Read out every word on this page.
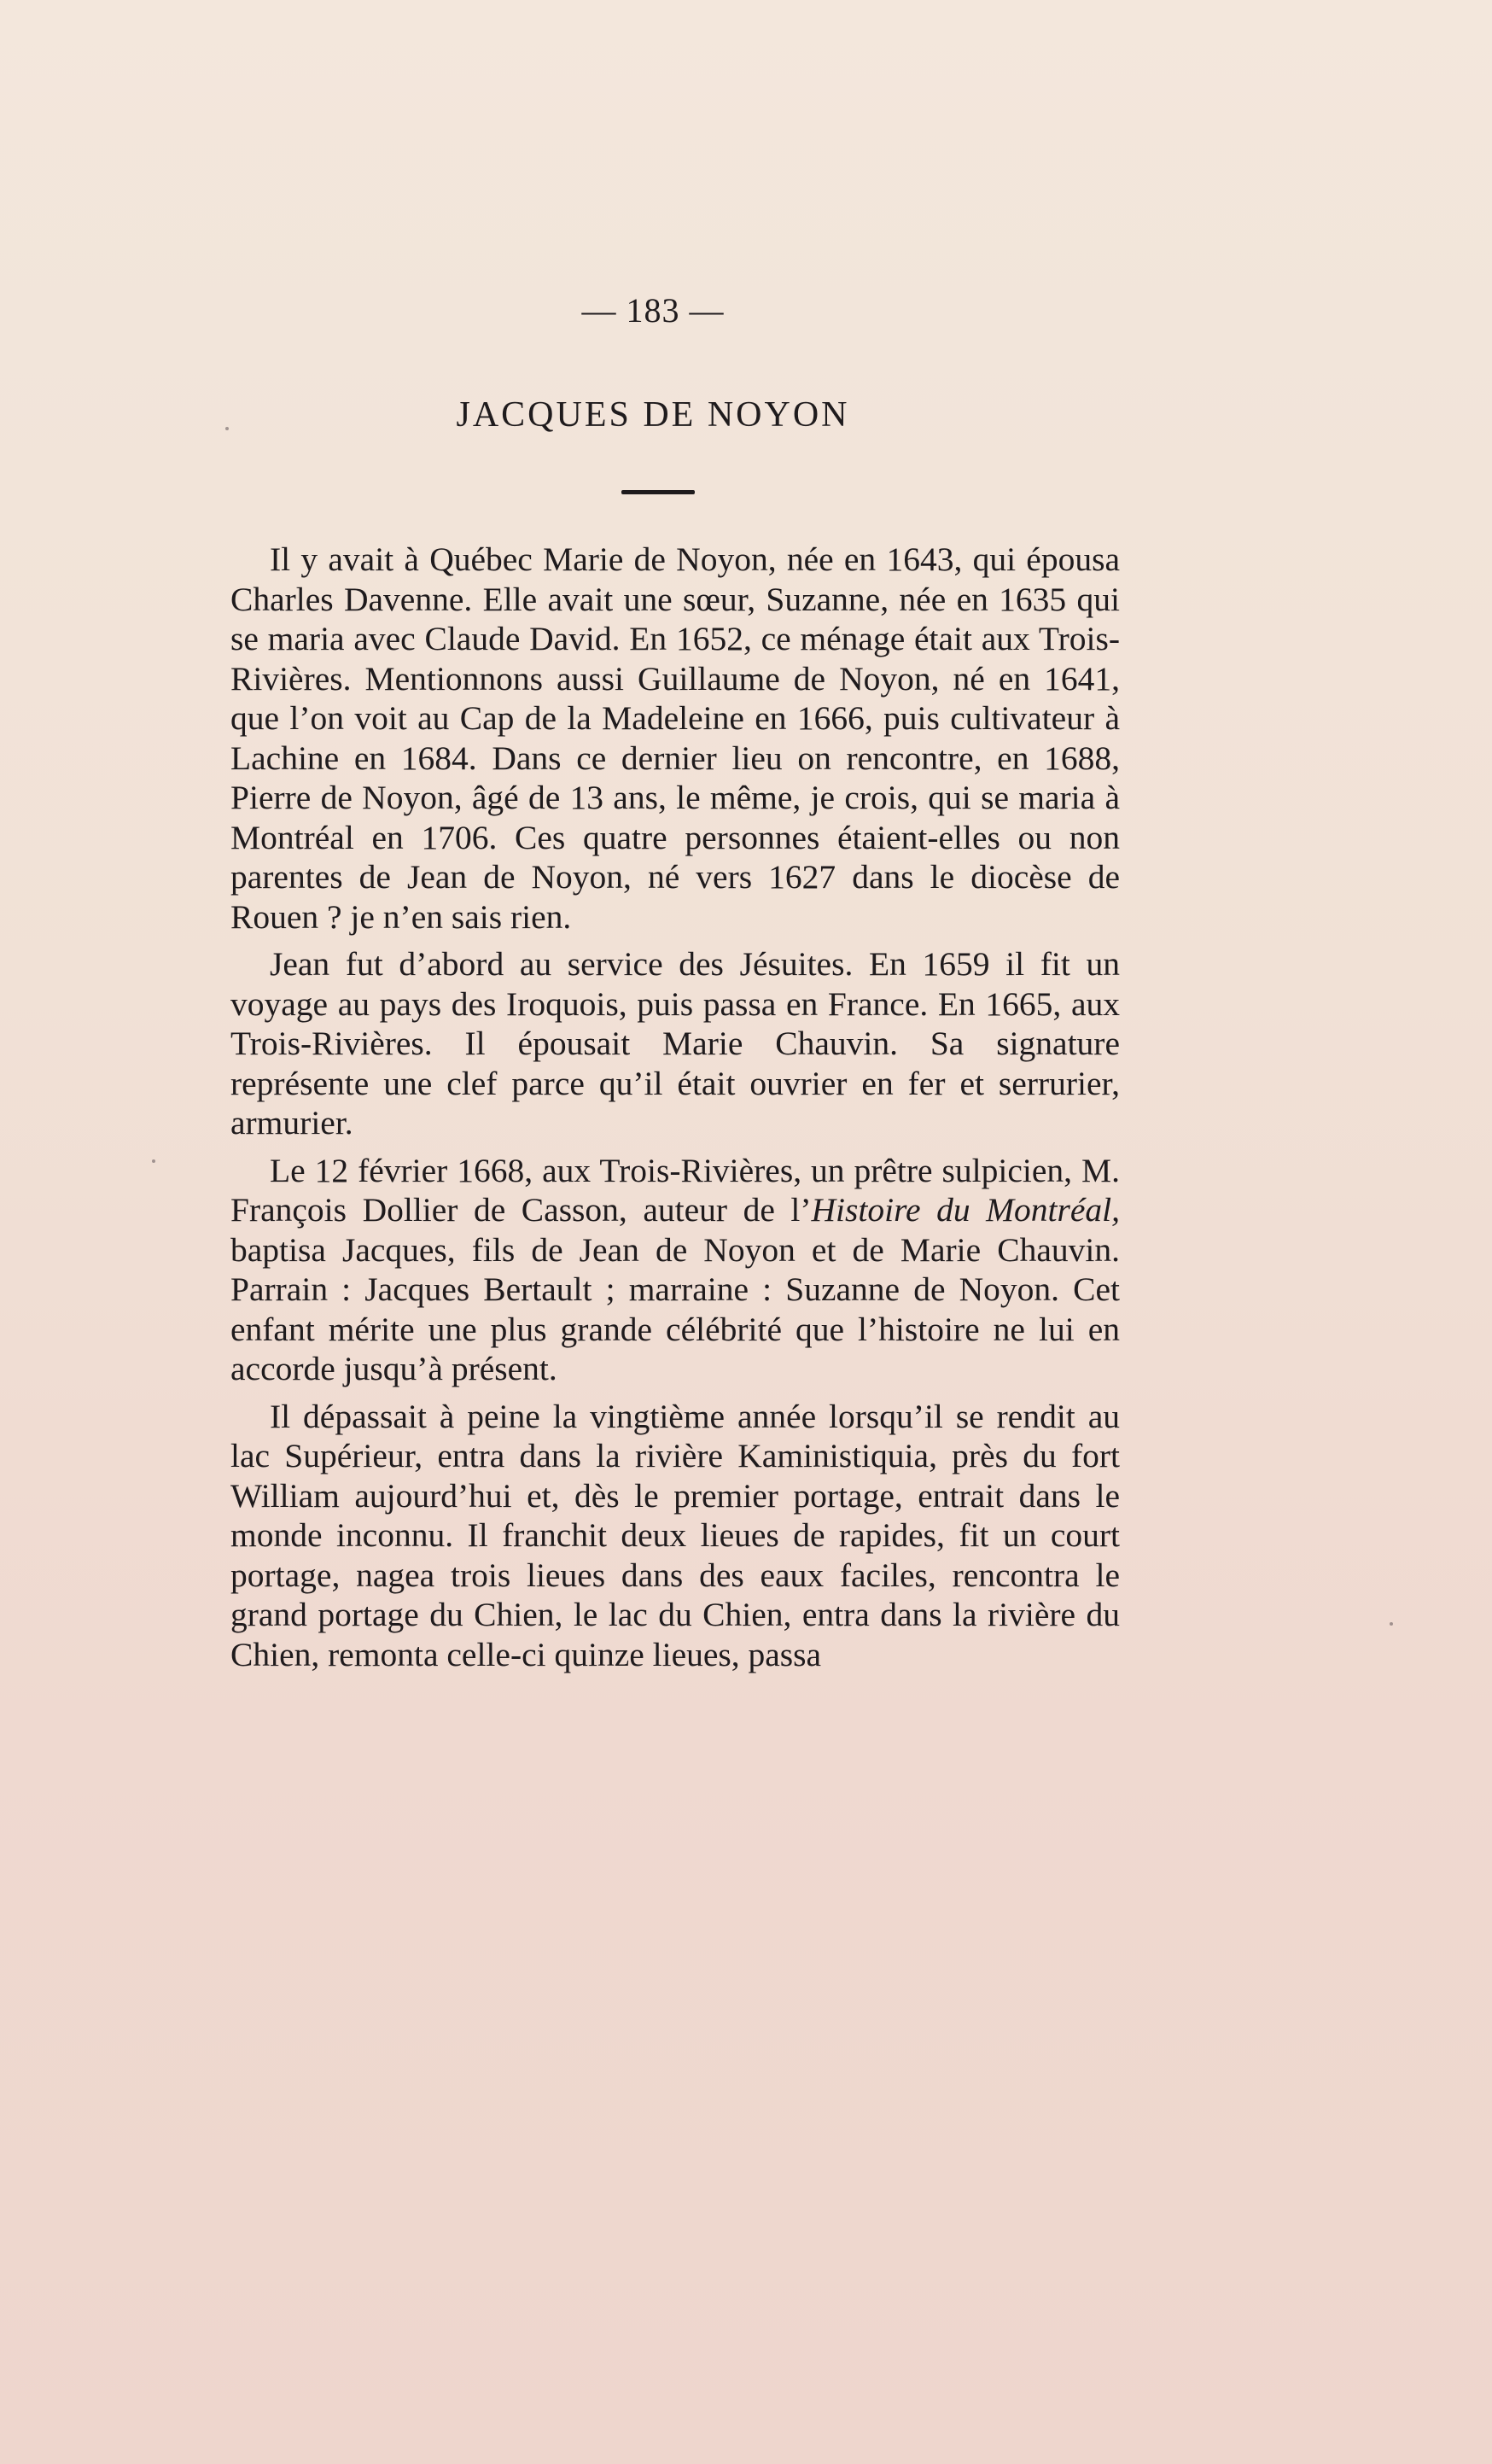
— 183 —
JACQUES DE NOYON

Il y avait à Québec Marie de Noyon, née en 1643, qui épousa Charles Davenne. Elle avait une sœur, Suzanne, née en 1635 qui se maria avec Claude David. En 1652, ce ménage était aux Trois-Rivières. Mentionnons aussi Guillaume de Noyon, né en 1641, que l’on voit au Cap de la Madeleine en 1666, puis cultivateur à Lachine en 1684. Dans ce dernier lieu on rencontre, en 1688, Pierre de Noyon, âgé de 13 ans, le même, je crois, qui se maria à Montréal en 1706. Ces quatre personnes étaient-elles ou non parentes de Jean de Noyon, né vers 1627 dans le diocèse de Rouen ? je n’en sais rien.

Jean fut d’abord au service des Jésuites. En 1659 il fit un voyage au pays des Iroquois, puis passa en France. En 1665, aux Trois-Rivières. Il épousait Marie Chauvin. Sa signature représente une clef parce qu’il était ouvrier en fer et serrurier, armurier.

Le 12 février 1668, aux Trois-Rivières, un prêtre sulpicien, M. François Dollier de Casson, auteur de l’Histoire du Montréal, baptisa Jacques, fils de Jean de Noyon et de Marie Chauvin. Parrain : Jacques Bertault ; marraine : Suzanne de Noyon. Cet enfant mérite une plus grande célébrité que l’histoire ne lui en accorde jusqu’à présent.

Il dépassait à peine la vingtième année lorsqu’il se rendit au lac Supérieur, entra dans la rivière Kaministiquia, près du fort William aujourd’hui et, dès le premier portage, entrait dans le monde inconnu. Il franchit deux lieues de rapides, fit un court portage, nagea trois lieues dans des eaux faciles, rencontra le grand portage du Chien, le lac du Chien, entra dans la rivière du Chien, remonta celle-ci quinze lieues, passa
